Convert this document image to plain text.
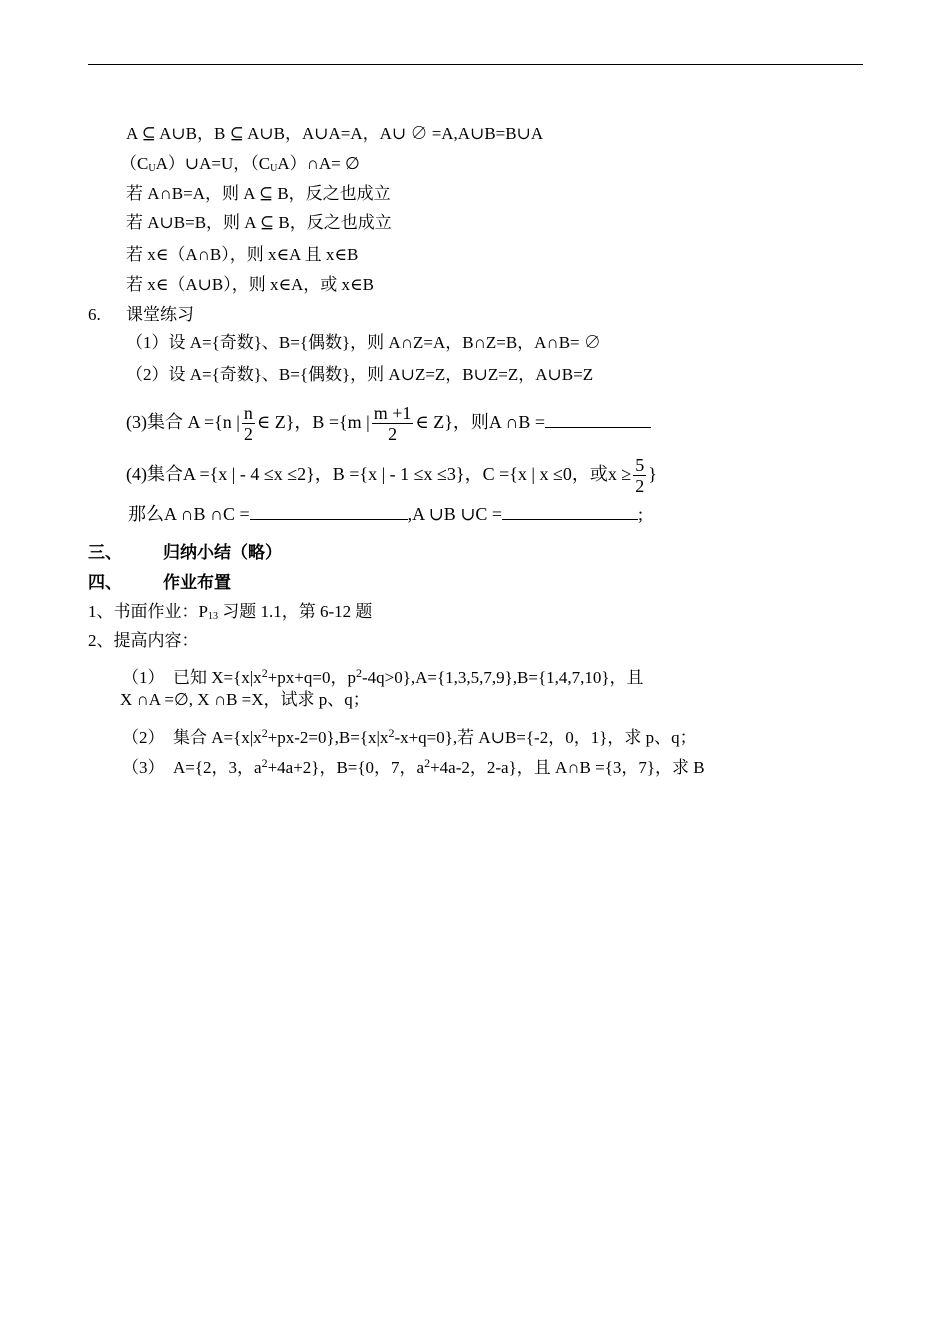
A ⊆ A∪B，B ⊆ A∪B，A∪A=A，A∪ ∅ =A,A∪B=B∪A
$(C_UA)\cup A=U$，$(C_UA)\cap A=$ ∅
若 A∩B=A，则 A ⊆ B，反之也成立
若 A∪B=B，则 A ⊆ B，反之也成立
若 x∈（A∩B），则 x∈A 且 x∈B
若 x∈（A∪B），则 x∈A，或 x∈B
6. 课堂练习
（1）设 A={奇数}、B={偶数}，则 A∩Z=A，B∩Z=B，A∩B= ∅
（2）设 A={奇数}、B={偶数}，则 A∪Z=Z，B∪Z=Z，A∪B=Z
(3)集合 A ={n | $\frac{n}{2}$ ∈ Z}，B ={m | $\frac{m +1}{2}$ ∈ Z}，则A ∩B =
(4)集合A ={x | - 4 ≤x ≤2}，B ={x | - 1 ≤x ≤3}，C ={x | x ≤0，或$x \ge \frac{5}{2}$ }
那么A ∩B ∩C =	,A ∪B ∪C =	;
三、 归纳小结（略）
四、 作业布置
1、书面作业：$P_{13}$ 习题 1.1，第 6-12 题
2、提高内容：
（1）　已知 $X=\{x|x^2+px+q=0$，$p^2-4q>0\},A=\{1,3,5,7,9\},B=\{1,4,7,10\}$，且
X ∩A =∅, X ∩B =X，试求 p、q；
（2）　集合 $A=\{x|x^2+px-2=0\},B=\{x|x^2-x+q=0\}$,若 A∪B={-2，0，1}，求 p、q；
（3）　A={2，3，$a^2+4a+2$}，B={0，7，$a^2+4a-2$，2-a}，且 A∩B ={3，7}，求 B
